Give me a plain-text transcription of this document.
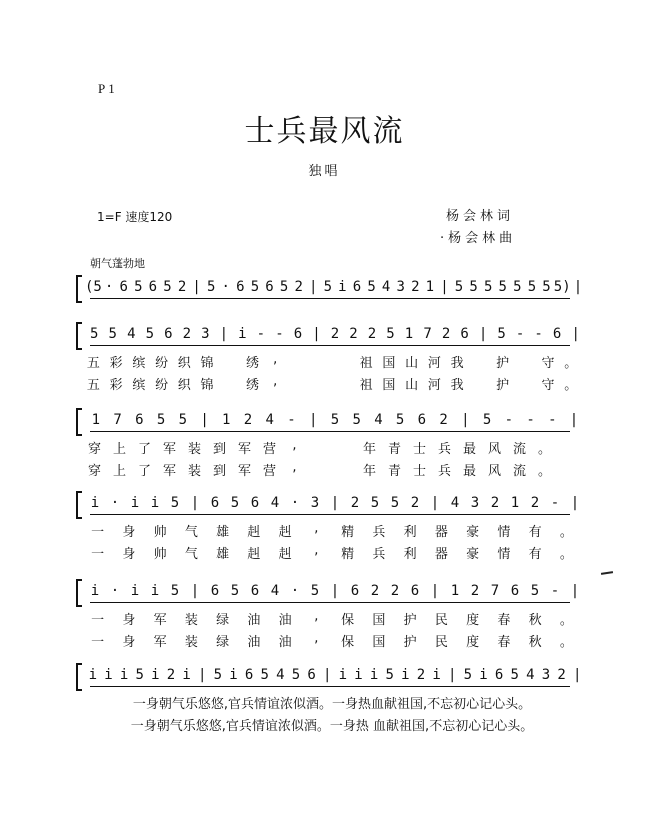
P1
士兵最风流
独唱
1=F 速度120	杨会林词
·杨会林曲
朝气蓬勃地
(5 · 6 5 6 5 2 | 5 · 6 5 6 5 2 | 5 i 6 5 4 3 2 1 | 5 5 5 5 5 5 5 5) |
5 5 4 5 6 2 3 | i - - 6 | 2 2 2 5 1 7 2 6 | 5 - - 6 |
五 彩 缤 纷 织 锦	绣	,	祖 国 山 河 我	护	守 。
五 彩 缤 纷 织 锦	绣	,	祖 国 山 河 我	护	守 。
1 7 6 5 5 | 1 2 4 - | 5 5 4 5 6 2 | 5 - - - |
穿 上 了 军 装 到 军 营	,	年 青 士 兵 最 风 流 。
穿 上 了 军 装 到 军 营	,	年 青 士 兵 最 风 流 。
i · i i 5 | 6 5 6 4 · 3 | 2 5 5 2 | 4 3 2 1 2 - |
一	身	帅	气	雄	赳	赳	,	精	兵	利	器	豪	情	有	。
一	身	帅	气	雄	赳	赳	,	精	兵	利	器	豪	情	有	。
i · i i 5 | 6 5 6 4 · 5 | 6 2 2 6 | 1 2 7 6 5 - |
一	身	军	装	绿	油	油	,	保	国	护	民	度	春	秋	。
一	身	军	装	绿	油	油	,	保	国	护	民	度	春	秋	。
i i i 5 i 2 i | 5 i 6 5 4 5 6 | i i i 5 i 2 i | 5 i 6 5 4 3 2 |
一身朝气乐悠悠,官兵情谊浓似酒。一身热血献祖国,不忘初心记心头。
一身朝气乐悠悠,官兵情谊浓似酒。一身热 血献祖国,不忘初心记心头。
